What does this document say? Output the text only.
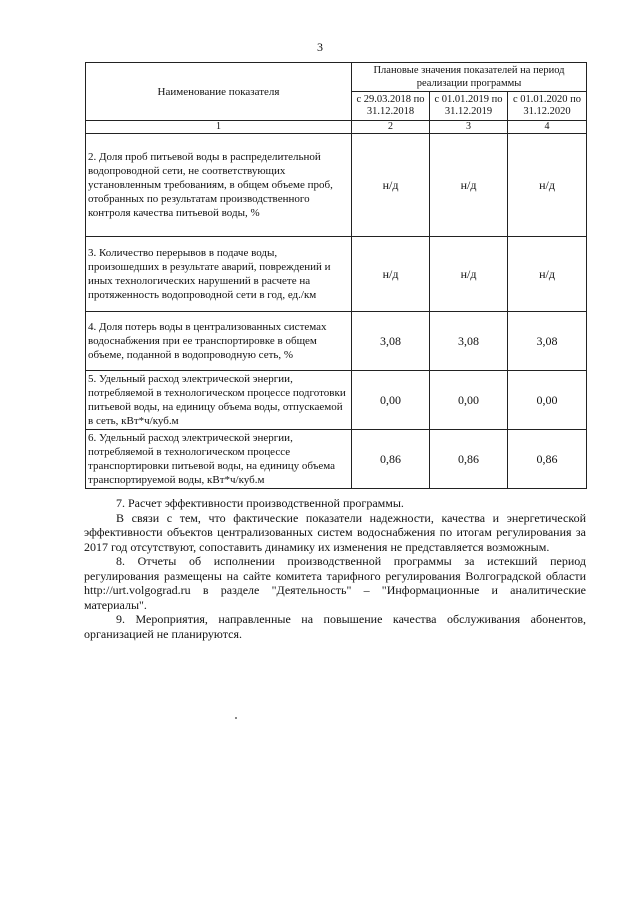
3
Наименование показателя	Плановые значения показателей на период реализации программы		
	с 29.03.2018 по 31.12.2018	с 01.01.2019 по 31.12.2019	с 01.01.2020 по 31.12.2020
1	2	3	4
2. Доля проб питьевой воды в распределительной водопроводной сети, не соответствующих установленным требованиям, в общем объеме проб, отобранных по результатам производственного контроля качества питьевой воды, %	н/д	н/д	н/д
3. Количество перерывов в подаче воды, произошедших в результате аварий, повреждений и иных технологических нарушений в расчете на протяженность водопроводной сети в год, ед./км	н/д	н/д	н/д
4. Доля потерь воды в централизованных системах водоснабжения при ее транспортировке в общем объеме, поданной в водопроводную сеть, %	3,08	3,08	3,08
5. Удельный расход электрической энергии, потребляемой в технологическом процессе подготовки питьевой воды, на единицу объема воды, отпускаемой в сеть, кВт*ч/куб.м	0,00	0,00	0,00
6. Удельный расход электрической энергии, потребляемой в технологическом процессе транспортировки питьевой воды, на единицу объема транспортируемой воды, кВт*ч/куб.м	0,86	0,86	0,86

7. Расчет эффективности производственной программы.

В связи с тем, что фактические показатели надежности, качества и энергетической эффективности объектов централизованных систем водоснабжения по итогам регулирования за 2017 год отсутствуют, сопоставить динамику их изменения не представляется возможным.

8. Отчеты об исполнении производственной программы за истекший период регулирования размещены на сайте комитета тарифного регулирования Волгоградской области http://urt.volgograd.ru в разделе "Деятельность" – "Информационные и аналитические материалы".

9. Мероприятия, направленные на повышение качества обслуживания абонентов, организацией не планируются.
